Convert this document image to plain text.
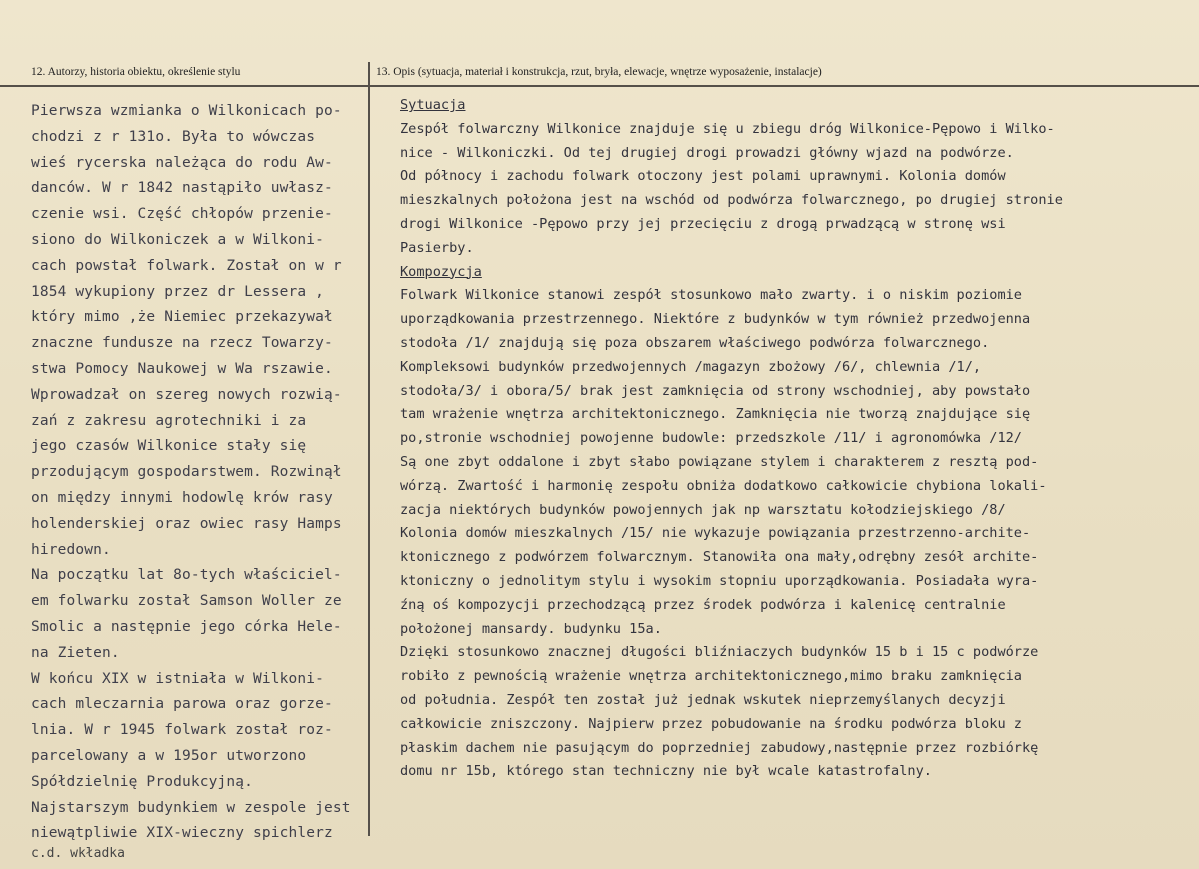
12. Autorzy, historia obiektu, określenie stylu	13. Opis (sytuacja, materiał i konstrukcja, rzut, bryła, elewacje, wnętrze wyposażenie, instalacje)
Pierwsza wzmianka o Wilkonicach po-
chodzi z r 131o. Była to wówczas
wieś rycerska należąca do rodu Aw-
danców. W r 1842 nastąpiło uwłasz-
czenie wsi. Część chłopów przenie-
siono do Wilkoniczek a w Wilkoni-
cach powstał folwark. Został on w r
1854 wykupiony przez dr Lessera ,
który mimo ,że Niemiec przekazywał
znaczne fundusze na rzecz Towarzy-
stwa Pomocy Naukowej w Wa rszawie.
Wprowadzał on szereg nowych rozwią-
zań z zakresu agrotechniki i za
jego czasów Wilkonice stały się
przodującym gospodarstwem. Rozwinął
on między innymi hodowlę krów rasy
holenderskiej oraz owiec rasy Hamps
hiredown.
Na początku lat 8o-tych właściciel-
em folwarku został Samson Woller ze
Smolic a następnie jego córka Hele-
na Zieten.
W końcu XIX w istniała w Wilkoni-
cach mleczarnia parowa oraz gorze-
lnia. W r 1945 folwark został roz-
parcelowany a w 195or utworzono
Spółdzielnię Produkcyjną.
Najstarszym budynkiem w zespole jest
niewątpliwie XIX-wieczny spichlerz
Sytuacja
Zespół folwarczny Wilkonice znajduje się u zbiegu dróg Wilkonice-Pępowo i Wilko-
nice - Wilkoniczki. Od tej drugiej drogi prowadzi główny wjazd na podwórze.
Od północy i zachodu folwark otoczony jest polami uprawnymi. Kolonia domów
mieszkalnych położona jest na wschód od podwórza folwarcznego, po drugiej stronie
drogi Wilkonice -Pępowo przy jej przecięciu z drogą prwadzącą w stronę wsi
Pasierby.
Kompozycja
Folwark Wilkonice stanowi zespół stosunkowo mało zwarty. i o niskim poziomie
uporządkowania przestrzennego. Niektóre z budynków w tym również przedwojenna
stodoła /1/ znajdują się poza obszarem właściwego podwórza folwarcznego.
Kompleksowi budynków przedwojennych /magazyn zbożowy /6/, chlewnia /1/,
stodoła/3/ i obora/5/ brak jest zamknięcia od strony wschodniej, aby powstało
tam wrażenie wnętrza architektonicznego. Zamknięcia nie tworzą znajdujące się
po,stronie wschodniej powojenne budowle: przedszkole /11/ i agronomówka /12/
Są one zbyt oddalone i zbyt słabo powiązane stylem i charakterem z resztą pod-
wórzą. Zwartość i harmonię zespołu obniża dodatkowo całkowicie chybiona lokali-
zacja niektórych budynków powojennych jak np warsztatu kołodziejskiego /8/
Kolonia domów mieszkalnych /15/ nie wykazuje powiązania przestrzenno-archite-
ktonicznego z podwórzem folwarcznym. Stanowiła ona mały,odrębny zesół archite-
ktoniczny o jednolitym stylu i wysokim stopniu uporządkowania. Posiadała wyra-
źną oś kompozycji przechodzącą przez środek podwórza i kalenicę centralnie
położonej mansardy. budynku 15a.
Dzięki stosunkowo znacznej długości bliźniaczych budynków 15 b i 15 c podwórze
robiło z pewnością wrażenie wnętrza architektonicznego,mimo braku zamknięcia
od południa. Zespół ten został już jednak wskutek nieprzemyślanych decyzji
całkowicie zniszczony. Najpierw przez pobudowanie na środku podwórza bloku z
płaskim dachem nie pasującym do poprzedniej zabudowy,następnie przez rozbiórkę
domu nr 15b, którego stan techniczny nie był wcale katastrofalny.
c.d. wkładka
